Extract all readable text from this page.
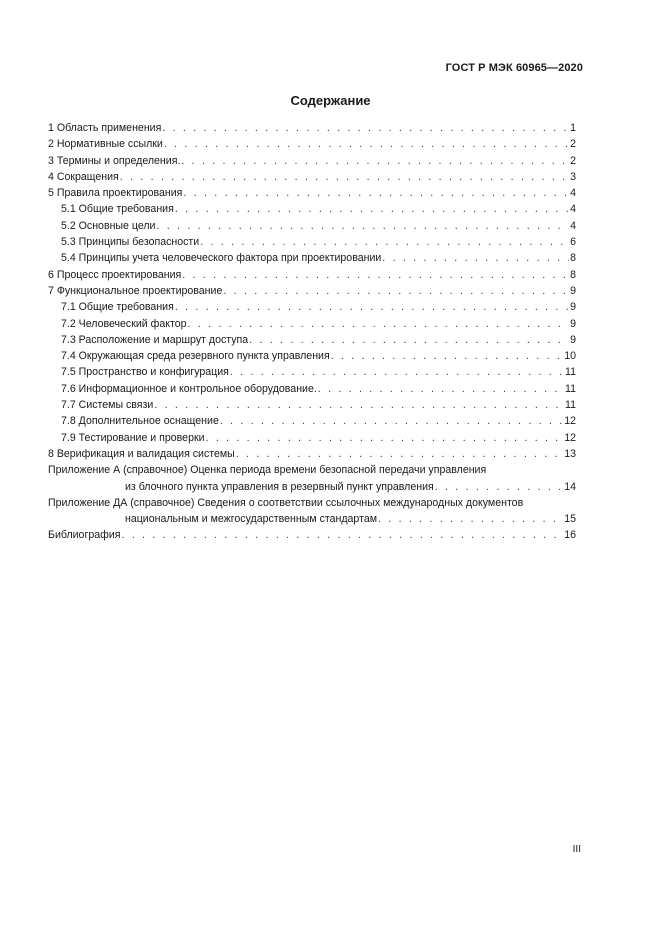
ГОСТ Р МЭК 60965—2020
Содержание
1 Область применения . . .	1
2 Нормативные ссылки . . .	2
3 Термины и определения. . . .	2
4 Сокращения . . .	3
5 Правила проектирования . . .	4
5.1 Общие требования . . .	4
5.2 Основные цели . . .	4
5.3 Принципы безопасности . . .	6
5.4 Принципы учета человеческого фактора при проектировании . . .	8
6 Процесс проектирования . . .	8
7 Функциональное проектирование . . .	9
7.1 Общие требования . . .	9
7.2 Человеческий фактор . . .	9
7.3 Расположение и маршрут доступа . . .	9
7.4 Окружающая среда резервного пункта управления . . .	10
7.5 Пространство и конфигурация . . .	11
7.6 Информационное и контрольное оборудование. . . .	11
7.7 Системы связи . . .	11
7.8 Дополнительное оснащение . . .	12
7.9 Тестирование и проверки . . .	12
8 Верификация и валидация системы . . .	13
Приложение А (справочное) Оценка периода времени безопасной передачи управления
из блочного пункта управления в резервный пункт управления . . .	14
Приложение ДА (справочное) Сведения о соответствии ссылочных международных документов
национальным и межгосударственным стандартам . . .	15
Библиография . . .	16
III
